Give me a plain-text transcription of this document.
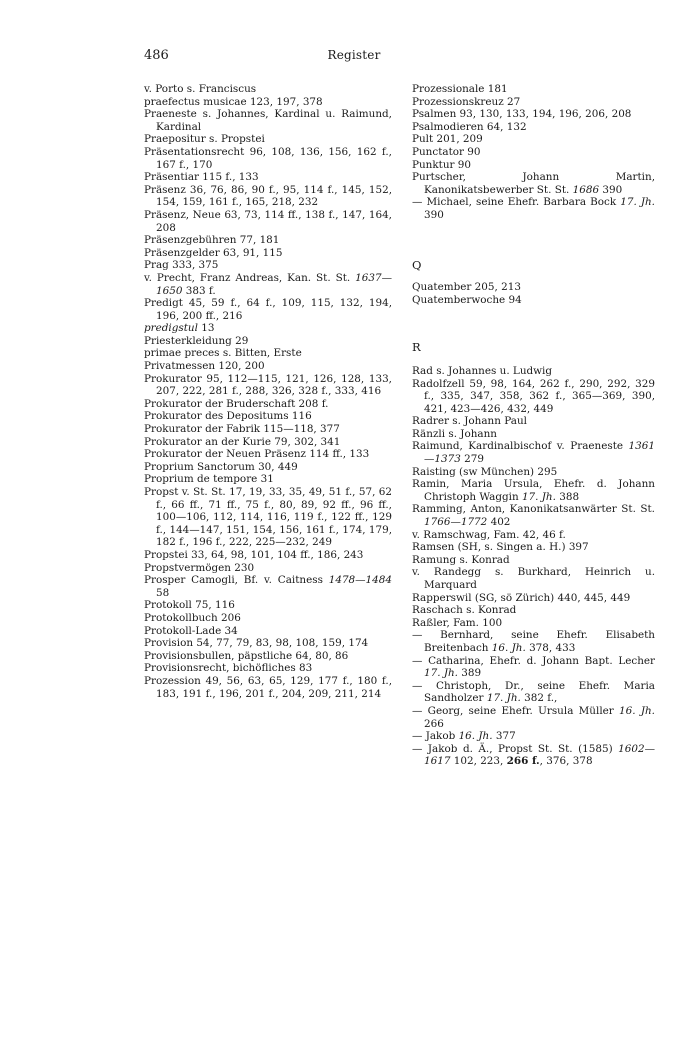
486	Register

v. Porto s. Franciscus

praefectus musicae 123, 197, 378

Praeneste s. Johannes, Kardinal u. Raimund, Kardinal

Praepositur s. Propstei

Präsentationsrecht 96, 108, 136, 156, 162 f., 167 f., 170

Präsentiar 115 f., 133

Präsenz 36, 76, 86, 90 f., 95, 114 f., 145, 152, 154, 159, 161 f., 165, 218, 232

Präsenz, Neue 63, 73, 114 ff., 138 f., 147, 164, 208

Präsenzgebühren 77, 181

Präsenzgelder 63, 91, 115

Prag 333, 375

v. Precht, Franz Andreas, Kan. St. St. 1637—1650 383 f.

Predigt 45, 59 f., 64 f., 109, 115, 132, 194, 196, 200 ff., 216

predigstul 13

Priesterkleidung 29

primae preces s. Bitten, Erste

Privatmessen 120, 200

Prokurator 95, 112—115, 121, 126, 128, 133, 207, 222, 281 f., 288, 326, 328 f., 333, 416

Prokurator der Bruderschaft 208 f.

Prokurator des Depositums 116

Prokurator der Fabrik 115—118, 377

Prokurator an der Kurie 79, 302, 341

Prokurator der Neuen Präsenz 114 ff., 133

Proprium Sanctorum 30, 449

Proprium de tempore 31

Propst v. St. St. 17, 19, 33, 35, 49, 51 f., 57, 62 f., 66 ff., 71 ff., 75 f., 80, 89, 92 ff., 96 ff., 100—106, 112, 114, 116, 119 f., 122 ff., 129 f., 144—147, 151, 154, 156, 161 f., 174, 179, 182 f., 196 f., 222, 225—232, 249

Propstei 33, 64, 98, 101, 104 ff., 186, 243

Propstvermögen 230

Prosper Camogli, Bf. v. Caitness 1478—1484 58

Protokoll 75, 116

Protokollbuch 206

Protokoll-Lade 34

Provision 54, 77, 79, 83, 98, 108, 159, 174

Provisionsbullen, päpstliche 64, 80, 86

Provisionsrecht, bichöfliches 83

Prozession 49, 56, 63, 65, 129, 177 f., 180 f., 183, 191 f., 196, 201 f., 204, 209, 211, 214

Prozessionale 181

Prozessionskreuz 27

Psalmen 93, 130, 133, 194, 196, 206, 208

Psalmodieren 64, 132

Pult 201, 209

Punctator 90

Punktur 90

Purtscher, Johann Martin, Kanonikatsbewerber St. St. 1686 390

— Michael, seine Ehefr. Barbara Bock 17. Jh. 390

Q

Quatember 205, 213

Quatemberwoche 94

R

Rad s. Johannes u. Ludwig

Radolfzell 59, 98, 164, 262 f., 290, 292, 329 f., 335, 347, 358, 362 f., 365—369, 390, 421, 423—426, 432, 449

Radrer s. Johann Paul

Ränzli s. Johann

Raimund, Kardinalbischof v. Praeneste 1361—1373 279

Raisting (sw München) 295

Ramin, Maria Ursula, Ehefr. d. Johann Christoph Waggin 17. Jh. 388

Ramming, Anton, Kanonikatsanwärter St. St. 1766—1772 402

v. Ramschwag, Fam. 42, 46 f.

Ramsen (SH, s. Singen a. H.) 397

Ramung s. Konrad

v. Randegg s. Burkhard, Heinrich u. Marquard

Rapperswil (SG, sö Zürich) 440, 445, 449

Raschach s. Konrad

Raßler, Fam. 100

— Bernhard, seine Ehefr. Elisabeth Breitenbach 16. Jh. 378, 433

— Catharina, Ehefr. d. Johann Bapt. Lecher 17. Jh. 389

— Christoph, Dr., seine Ehefr. Maria Sandholzer 17. Jh. 382 f.,

— Georg, seine Ehefr. Ursula Müller 16. Jh. 266

— Jakob 16. Jh. 377

— Jakob d. Ä., Propst St. St. (1585) 1602—1617 102, 223, 266 f., 376, 378
